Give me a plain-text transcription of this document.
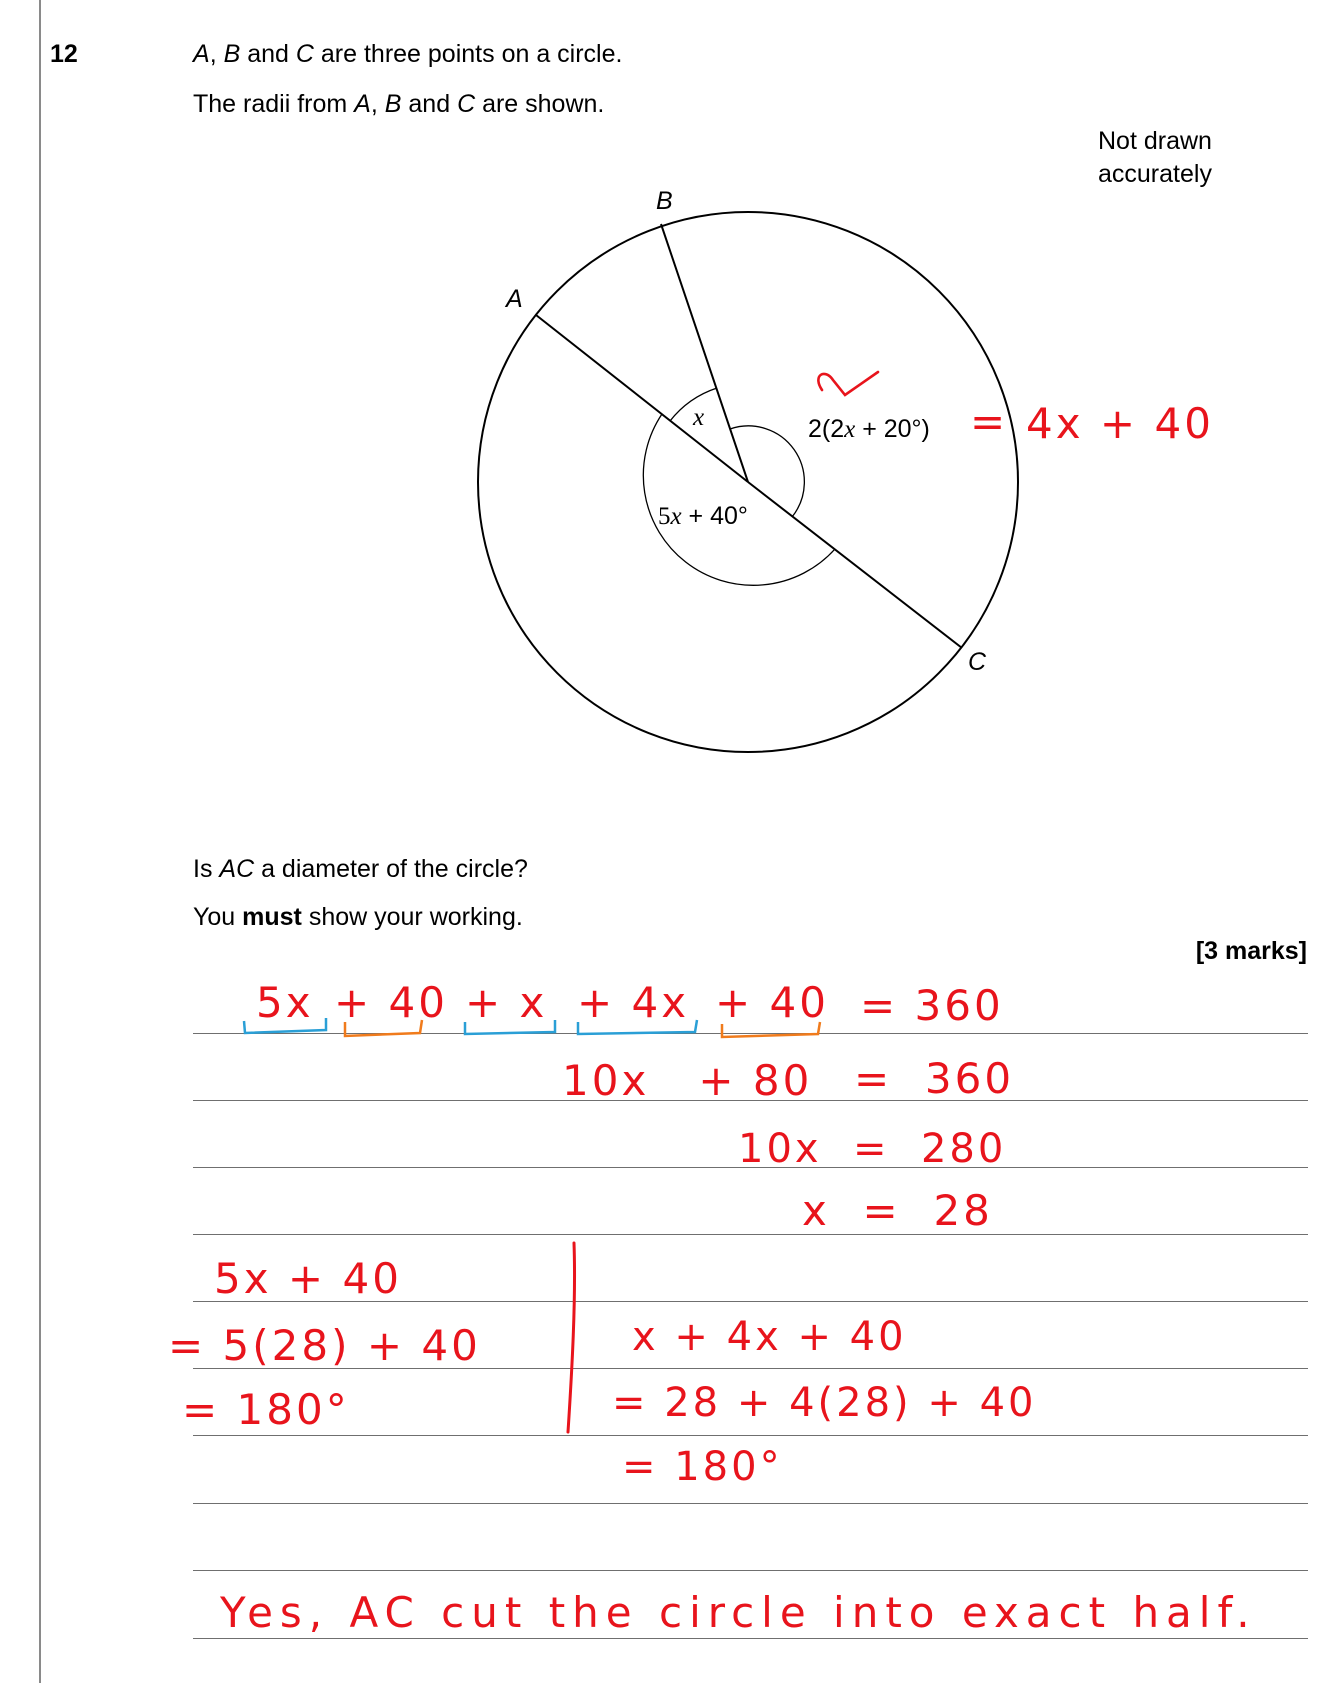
12	A, B and C are three points on a circle.
The radii from A, B and C are shown.
Not drawn
accurately
Is AC a diameter of the circle?
You must show your working.
[3 marks]
B
A
C
x
5x + 40°
2(2x + 20°) = 4x + 40
5x + 40 + x + 4x + 40 = 360
10x   + 80 =  360
10x  =  280
x  =  28
5x + 40
= 5(28) + 40
= 180°
x + 4x + 40
= 28 + 4(28) + 40
= 180°
Yes, AC cut the circle into exact half.
